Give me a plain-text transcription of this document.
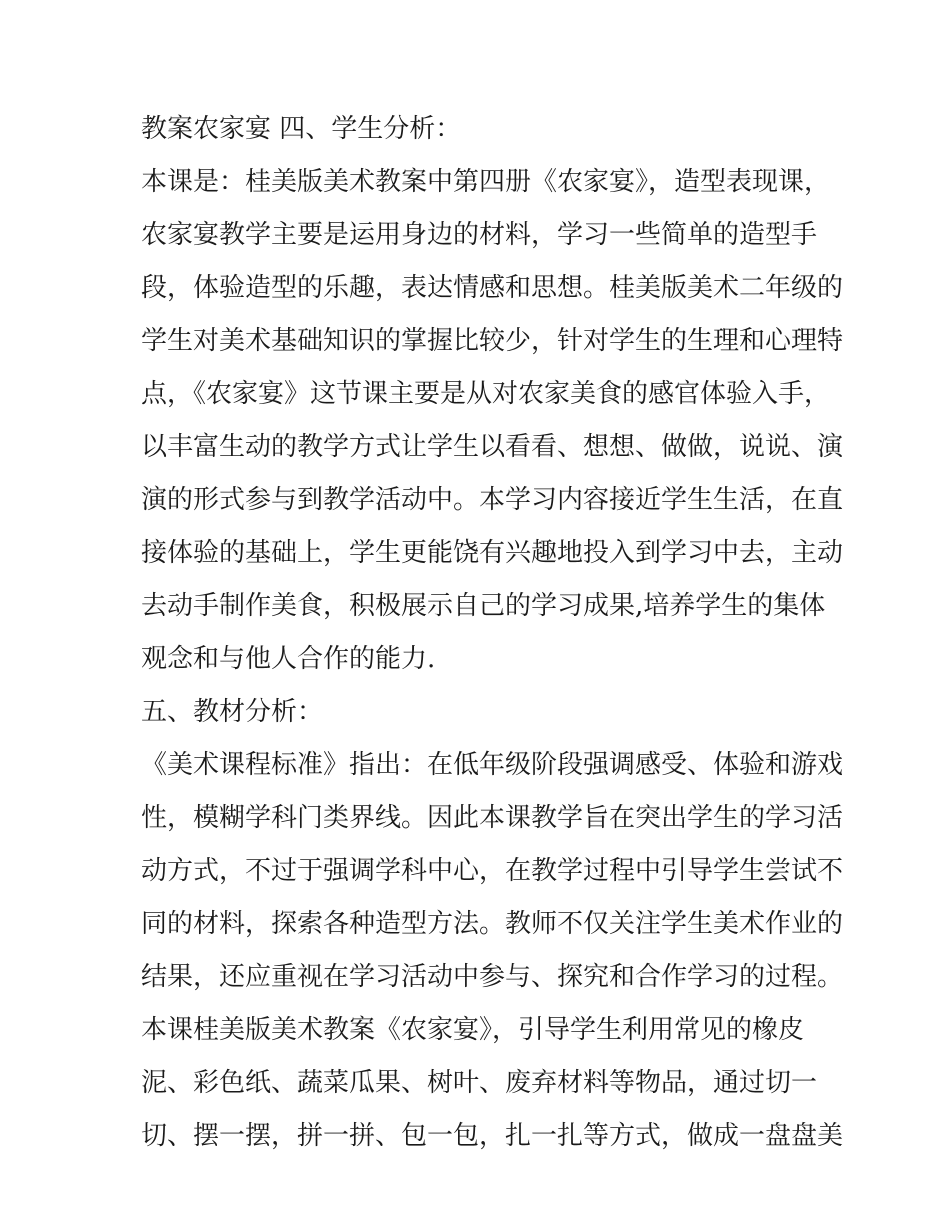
教案农家宴 四、学生分析：
本课是：桂美版美术教案中第四册《农家宴》，造型表现课，
农家宴教学主要是运用身边的材料，学习一些简单的造型手
段，体验造型的乐趣，表达情感和思想。桂美版美术二年级的
学生对美术基础知识的掌握比较少，针对学生的生理和心理特
点，《农家宴》这节课主要是从对农家美食的感官体验入手，
以丰富生动的教学方式让学生以看看、想想、做做，说说、演
演的形式参与到教学活动中。本学习内容接近学生生活，在直
接体验的基础上，学生更能饶有兴趣地投入到学习中去，主动
去动手制作美食，积极展示自己的学习成果,培养学生的集体
观念和与他人合作的能力.
五、教材分析：
《美术课程标准》指出：在低年级阶段强调感受、体验和游戏
性，模糊学科门类界线。因此本课教学旨在突出学生的学习活
动方式，不过于强调学科中心，在教学过程中引导学生尝试不
同的材料，探索各种造型方法。教师不仅关注学生美术作业的
结果，还应重视在学习活动中参与、探究和合作学习的过程。
本课桂美版美术教案《农家宴》，引导学生利用常见的橡皮
泥、彩色纸、蔬菜瓜果、树叶、废弃材料等物品，通过切一
切、摆一摆，拼一拼、包一包，扎一扎等方式，做成一盘盘美
